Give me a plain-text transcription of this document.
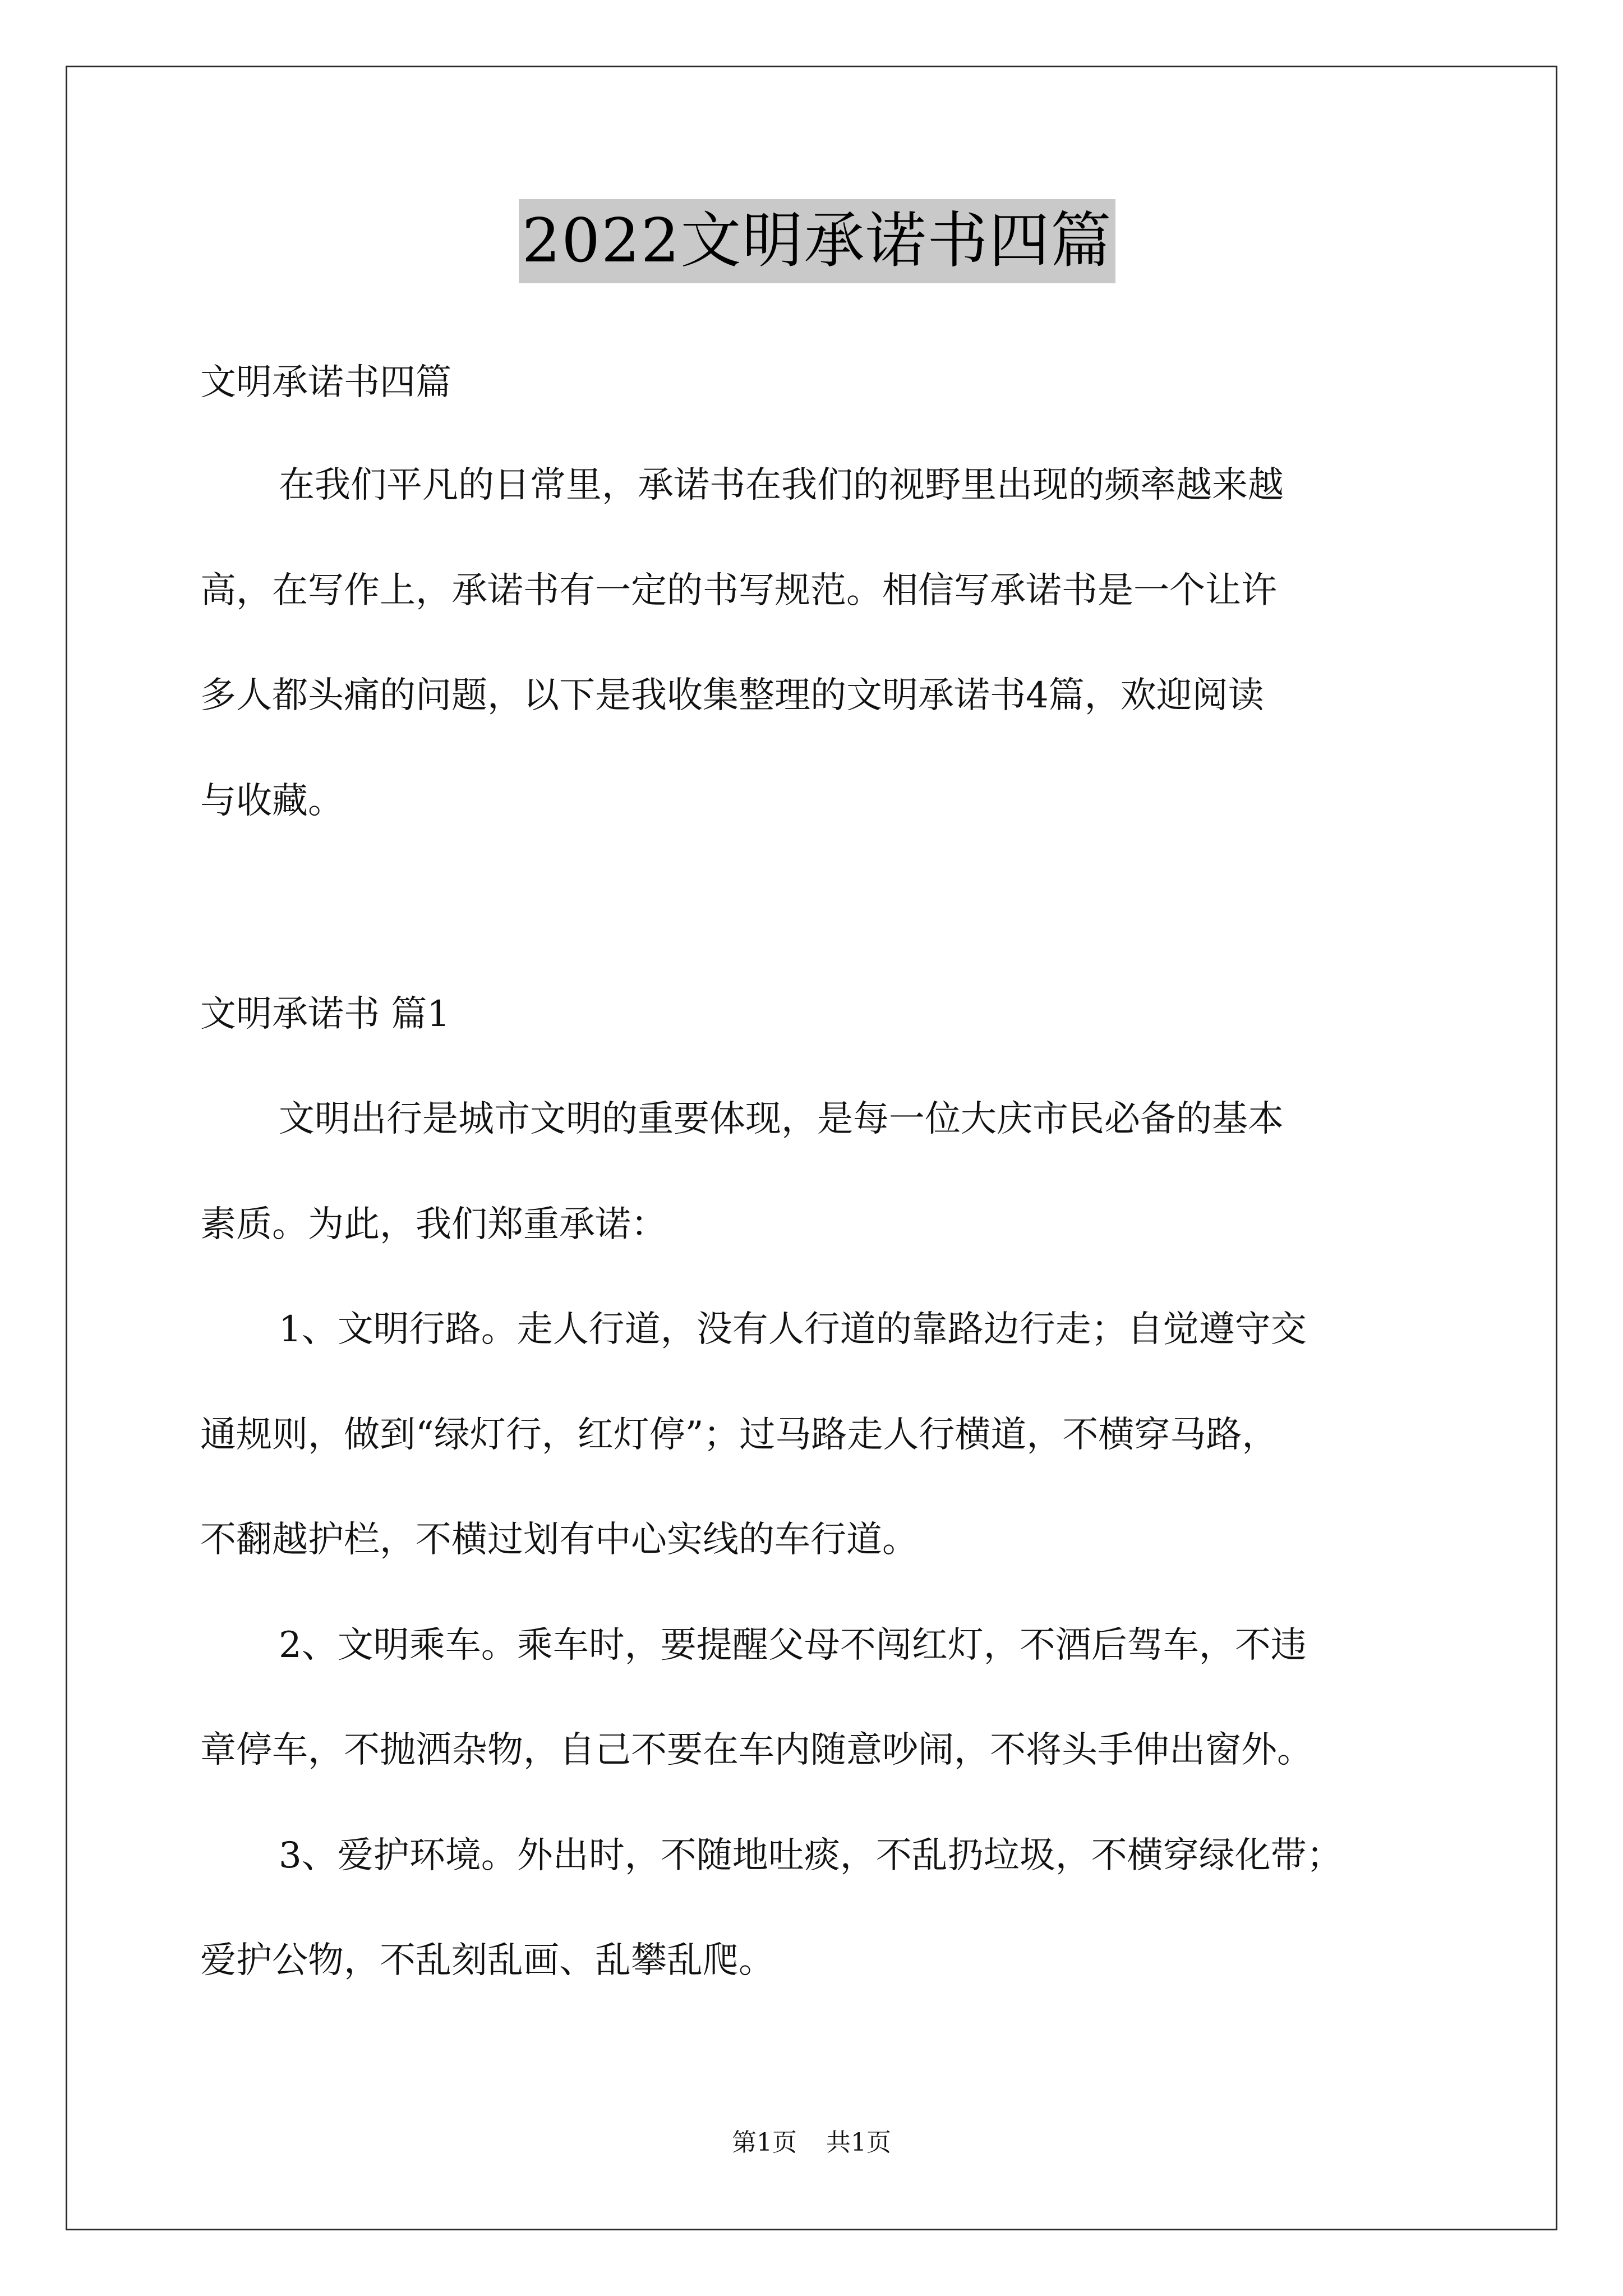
2022文明承诺书四篇
文明承诺书四篇
在我们平凡的日常里，承诺书在我们的视野里出现的频率越来越
高，在写作上，承诺书有一定的书写规范。相信写承诺书是一个让许
多人都头痛的问题，以下是我收集整理的文明承诺书4篇，欢迎阅读
与收藏。
文明承诺书 篇1
文明出行是城市文明的重要体现，是每一位大庆市民必备的基本
素质。为此，我们郑重承诺：
1、文明行路。走人行道，没有人行道的靠路边行走；自觉遵守交
通规则，做到“绿灯行，红灯停”；过马路走人行横道，不横穿马路，
不翻越护栏，不横过划有中心实线的车行道。
2、文明乘车。乘车时，要提醒父母不闯红灯，不酒后驾车，不违
章停车，不抛洒杂物，自己不要在车内随意吵闹，不将头手伸出窗外。
3、爱护环境。外出时，不随地吐痰，不乱扔垃圾，不横穿绿化带；
爱护公物，不乱刻乱画、乱攀乱爬。
第1页 共1页
